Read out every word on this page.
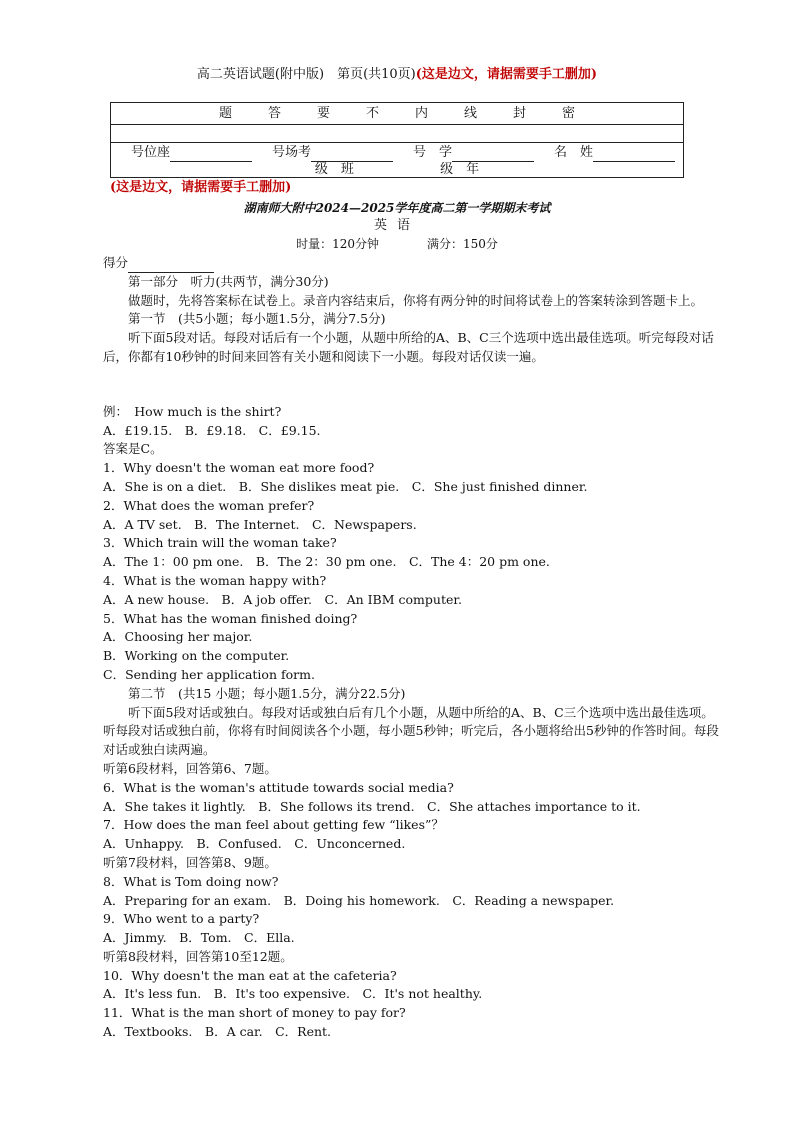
高二英语试题(附中版)　第页(共10页)(这是边文，请据需要手工删加)
题	答	要	不	内	线	封	密
号位座	号场考	号　学	名　姓
级　班	级　年
(这是边文，请据需要手工删加)
湖南师大附中2024—2025学年度高二第一学期期末考试
英语
时量：120分钟	满分：150分

得分

第一部分　听力(共两节，满分30分)

做题时，先将答案标在试卷上。录音内容结束后，你将有两分钟的时间将试卷上的答案转涂到答题卡上。

第一节　(共5小题；每小题1.5分，满分7.5分)

听下面5段对话。每段对话后有一个小题，从题中所给的A、B、C三个选项中选出最佳选项。听完每段对话后，你都有10秒钟的时间来回答有关小题和阅读下一小题。每段对话仅读一遍。

例：　How much is the shirt?

A．£19.15.　B．£9.18.　C．£9.15.

答案是C。

1．Why doesn't the woman eat more food?

A．She is on a diet.　B．She dislikes meat pie.　C．She just finished dinner.

2．What does the woman prefer?

A．A TV set.　B．The Internet.　C．Newspapers.

3．Which train will the woman take?

A．The 1：00 pm one.　B．The 2：30 pm one.　C．The 4：20 pm one.

4．What is the woman happy with?

A．A new house.　B．A job offer.　C．An IBM computer.

5．What has the woman finished doing?

A．Choosing her major.

B．Working on the computer.

C．Sending her application form.

第二节　(共15 小题；每小题1.5分，满分22.5分)

听下面5段对话或独白。每段对话或独白后有几个小题，从题中所给的A、B、C三个选项中选出最佳选项。听每段对话或独白前，你将有时间阅读各个小题，每小题5秒钟；听完后，各小题将给出5秒钟的作答时间。每段对话或独白读两遍。

听第6段材料，回答第6、7题。

6．What is the woman's attitude towards social media?

A．She takes it lightly.　B．She follows its trend.　C．She attaches importance to it.

7．How does the man feel about getting few “likes”？

A．Unhappy.　B．Confused.　C．Unconcerned.

听第7段材料，回答第8、9题。

8．What is Tom doing now?

A．Preparing for an exam.　B．Doing his homework.　C．Reading a newspaper.

9．Who went to a party?

A．Jimmy.　B．Tom.　C．Ella.

听第8段材料，回答第10至12题。

10．Why doesn't the man eat at the cafeteria?

A．It's less fun.　B．It's too expensive.　C．It's not healthy.

11．What is the man short of money to pay for?

A．Textbooks.　B．A car.　C．Rent.
